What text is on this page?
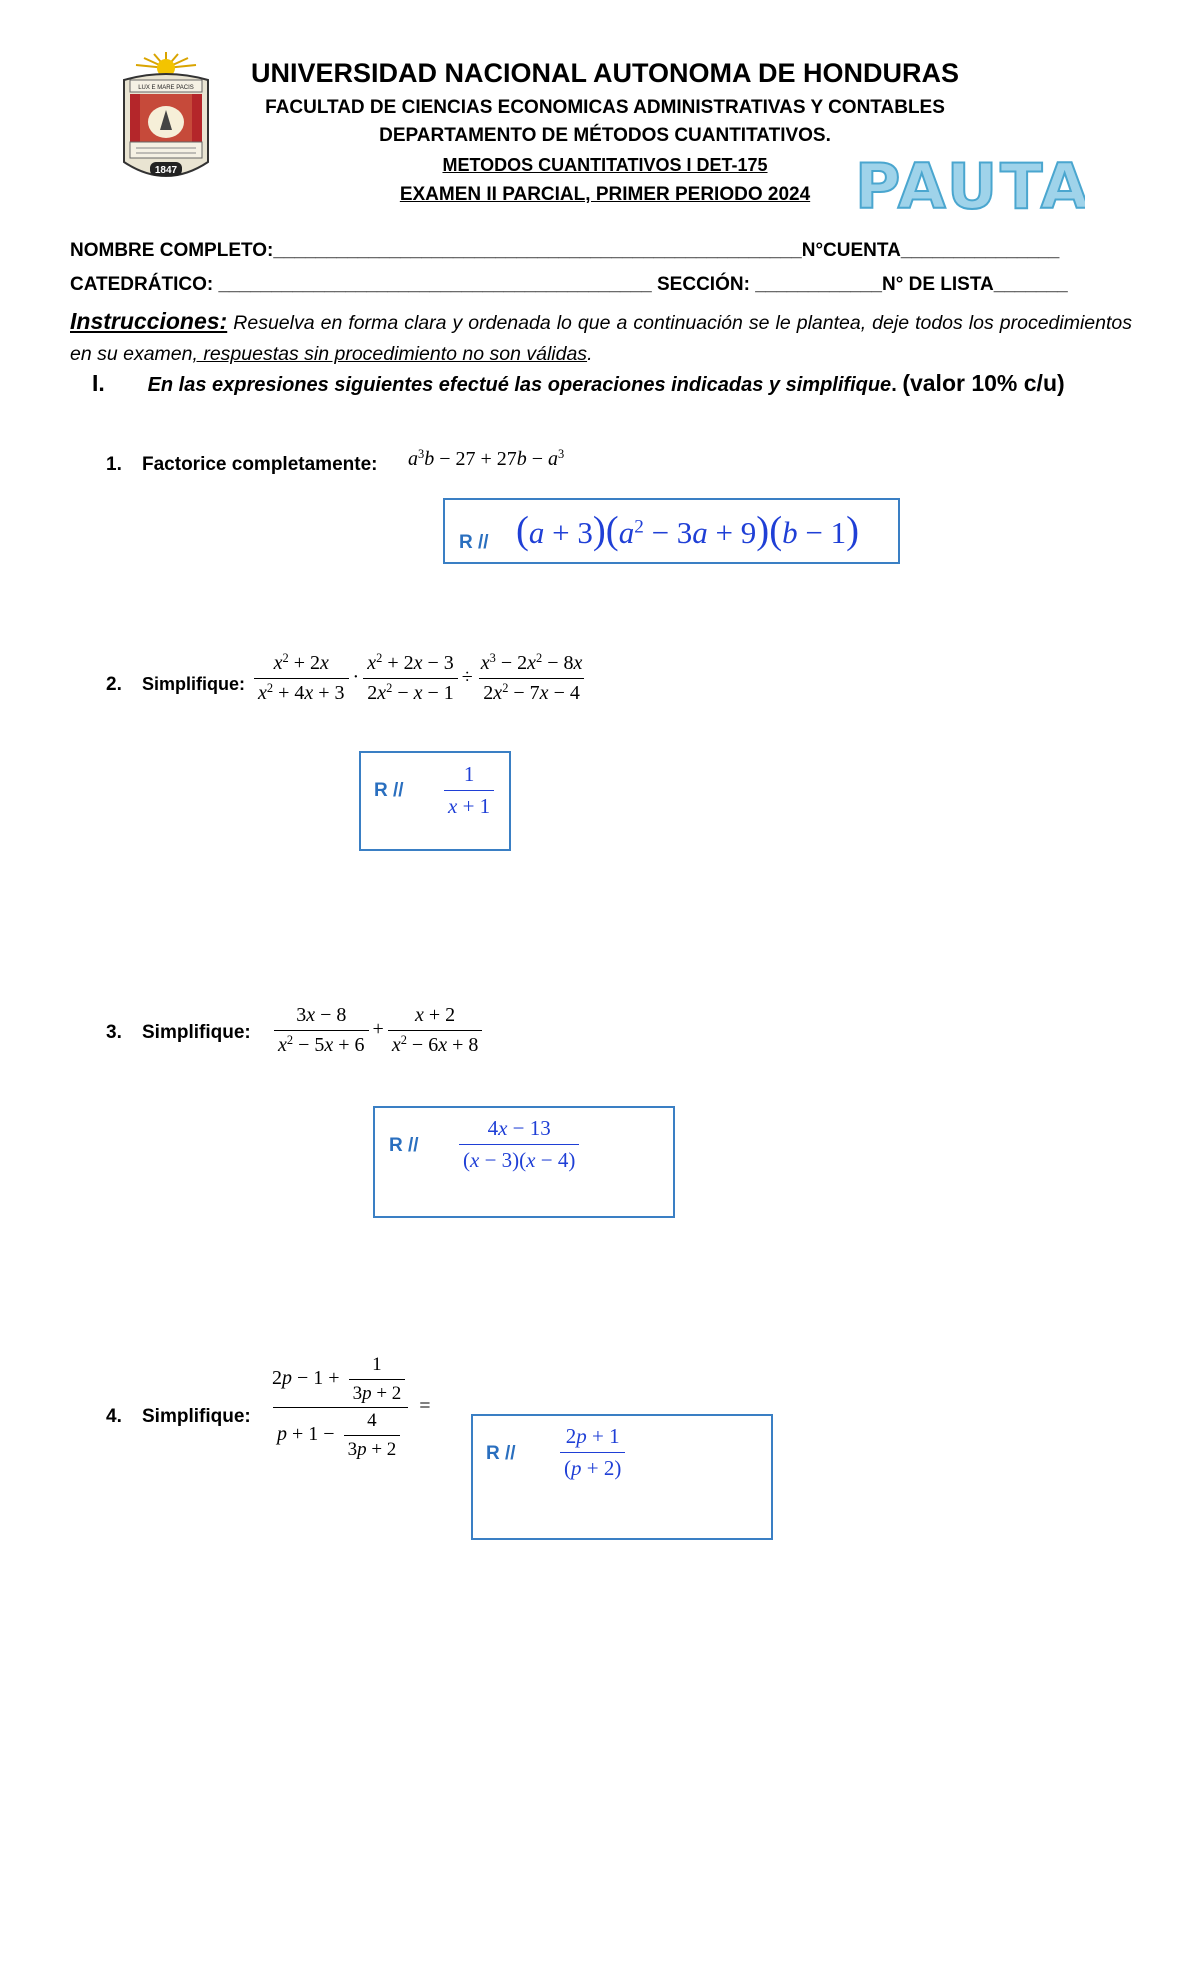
LUX E MARE PACIS
1847
UNIVERSIDAD NACIONAL AUTONOMA DE HONDURAS
FACULTAD DE CIENCIAS ECONOMICAS ADMINISTRATIVAS Y CONTABLES
DEPARTAMENTO DE MÉTODOS CUANTITATIVOS.
METODOS CUANTITATIVOS I DET-175
EXAMEN II PARCIAL, PRIMER PERIODO 2024 PAUTA
NOMBRE COMPLETO:__________________________________________________N°CUENTA_______________
CATEDRÁTICO: _________________________________________ SECCIÓN: ____________N° DE LISTA_______
Instrucciones: Resuelva en forma clara y ordenada lo que a continuación se le plantea, deje todos los procedimientos en su examen, respuestas sin procedimiento no son válidas.
I. En las expresiones siguientes efectué las operaciones indicadas y simplifique. (valor 10% c/u)
1. Factorice completamente: $a^3b - 27 + 27b - a^3$
$R // (a + 3)(a^2 - 3a + 9)(b - 1)$
2. Simplifique: $\frac{x^2 + 2x}{x^2 + 4x + 3} \cdot \frac{x^2 + 2x - 3}{2x^2 - x - 1} \div \frac{x^3 - 2x^2 - 8x}{2x^2 - 7x - 4}$
R // $\frac{1}{x + 1}$
3. Simplifique: $\frac{3x - 8}{x^2 - 5x + 6} + \frac{x + 2}{x^2 - 6x + 8}$
R // $\frac{4x - 13}{(x - 3)(x - 4)}$
4. Simplifique: $\frac{2p - 1 + \frac{1}{3p + 2}}{p + 1 - \frac{4}{3p + 2}}$ =
R // $\frac{2p + 1}{(p + 2)}$
